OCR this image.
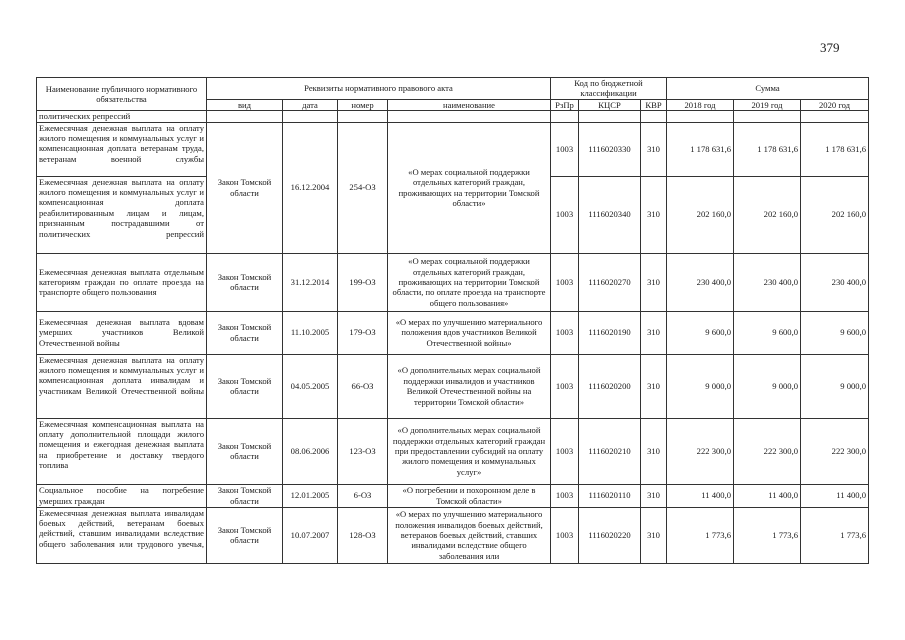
379
Наименование публичного нормативного обязательства	Реквизиты нормативного правового акта				Код по бюджетной классификации			Сумма		
	вид	дата	номер	наименование	РзПр	КЦСР	КВР	2018 год	2019 год	2020 год
политических репрессий										
Ежемесячная денежная выплата на оплату жилого помещения и коммунальных услуг и компенсационная доплата ветеранам труда, ветеранам военной службы	Закон Томской области	16.12.2004	254-ОЗ	«О мерах социальной поддержки отдельных категорий граждан, проживающих на территории Томской области»	1003	1116020330	310	1 178 631,6	1 178 631,6	1 178 631,6
Ежемесячная денежная выплата на оплату жилого помещения и коммунальных услуг и компенсационная доплата реабилитированным лицам и лицам, признанным пострадавшими от политических репрессий					1003	1116020340	310	202 160,0	202 160,0	202 160,0
Ежемесячная денежная выплата отдельным категориям граждан по оплате проезда на транспорте общего пользования	Закон Томской области	31.12.2014	199-ОЗ	«О мерах социальной поддержки отдельных категорий граждан, проживающих на территории Томской области, по оплате проезда на транспорте общего пользования»	1003	1116020270	310	230 400,0	230 400,0	230 400,0
Ежемесячная денежная выплата вдовам умерших участников Великой Отечественной войны	Закон Томской области	11.10.2005	179-ОЗ	«О мерах по улучшению материального положения вдов участников Великой Отечественной войны»	1003	1116020190	310	9 600,0	9 600,0	9 600,0
Ежемесячная денежная выплата на оплату жилого помещения и коммунальных услуг и компенсационная доплата инвалидам и участникам Великой Отечественной войны	Закон Томской области	04.05.2005	66-ОЗ	«О дополнительных мерах социальной поддержки инвалидов и участников Великой Отечественной войны на территории Томской области»	1003	1116020200	310	9 000,0	9 000,0	9 000,0
Ежемесячная компенсационная выплата на оплату дополнительной площади жилого помещения и ежегодная денежная выплата на приобретение и доставку твердого топлива	Закон Томской области	08.06.2006	123-ОЗ	«О дополнительных мерах социальной поддержки отдельных категорий граждан при предоставлении субсидий на оплату жилого помещения и коммунальных услуг»	1003	1116020210	310	222 300,0	222 300,0	222 300,0
Социальное пособие на погребение умерших граждан	Закон Томской области	12.01.2005	6-ОЗ	«О погребении и похоронном деле в Томской области»	1003	1116020110	310	11 400,0	11 400,0	11 400,0
Ежемесячная денежная выплата инвалидам боевых действий, ветеранам боевых действий, ставшим инвалидами вследствие общего заболевания или трудового увечья,	Закон Томской области	10.07.2007	128-ОЗ	«О мерах по улучшению материального положения инвалидов боевых действий, ветеранов боевых действий, ставших инвалидами вследствие общего заболевания или	1003	1116020220	310	1 773,6	1 773,6	1 773,6
